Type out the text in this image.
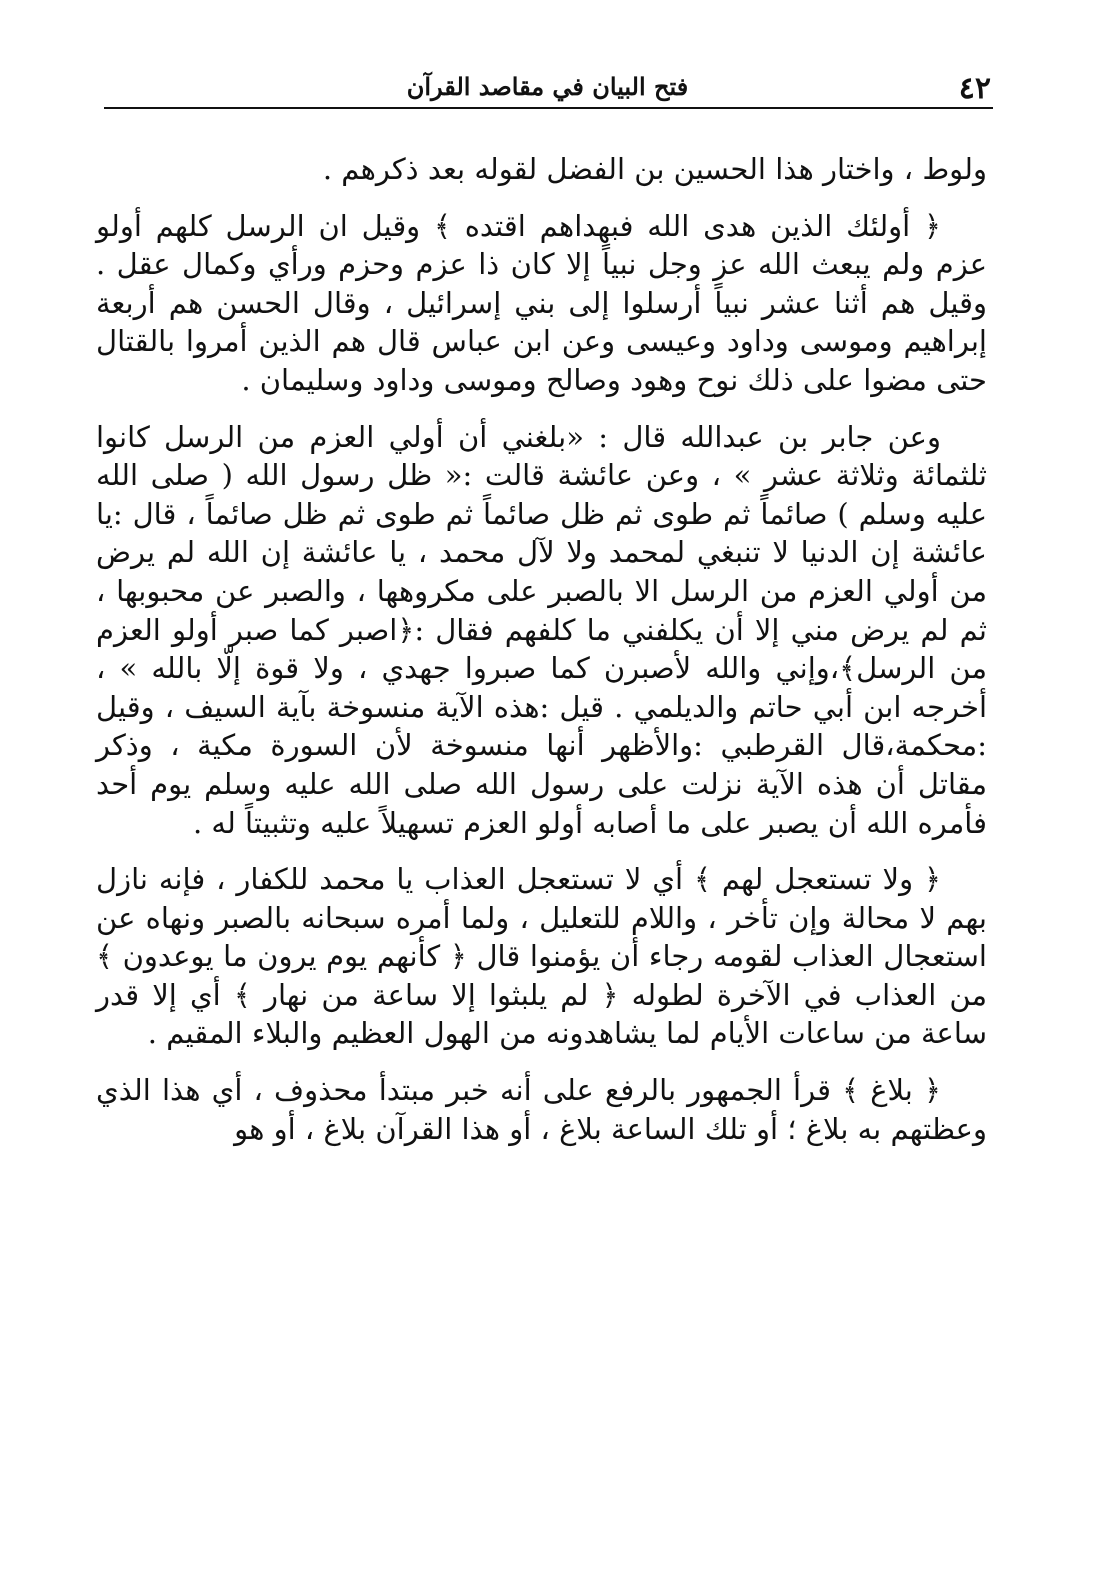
٤٢
فتح البيان في مقاصد القرآن

ولوط ، واختار هذا الحسين بن الفضل لقوله بعد ذكرهم .

﴿ أولئك الذين هدى الله فبهداهم اقتده ﴾ وقيل ان الرسل كلهم أولو عزم ولم يبعث الله عز وجل نبياً إلا كان ذا عزم وحزم ورأي وكمال عقل . وقيل هم أثنا عشر نبياً أرسلوا إلى بني إسرائيل ، وقال الحسن هم أربعة إبراهيم وموسى وداود وعيسى وعن ابن عباس قال هم الذين أمروا بالقتال حتى مضوا على ذلك نوح وهود وصالح وموسى وداود وسليمان .

وعن جابر بن عبدالله قال : «بلغني أن أولي العزم من الرسل كانوا ثلثمائة وثلاثة عشر » ، وعن عائشة قالت :« ظل رسول الله ( صلى الله عليه وسلم ) صائماً ثم طوى ثم ظل صائماً ثم طوى ثم ظل صائماً ، قال :يا عائشة إن الدنيا لا تنبغي لمحمد ولا لآل محمد ، يا عائشة إن الله لم يرض من أولي العزم من الرسل الا بالصبر على مكروهها ، والصبر عن محبوبها ، ثم لم يرض مني إلا أن يكلفني ما كلفهم فقال :﴿اصبر كما صبر أولو العزم من الرسل﴾،وإني والله لأصبرن كما صبروا جهدي ، ولا قوة إلّا بالله » ، أخرجه ابن أبي حاتم والديلمي . قيل :هذه الآية منسوخة بآية السيف ، وقيل :محكمة،قال القرطبي :والأظهر أنها منسوخة لأن السورة مكية ، وذكر مقاتل أن هذه الآية نزلت على رسول الله صلى الله عليه وسلم يوم أحد فأمره الله أن يصبر على ما أصابه أولو العزم تسهيلاً عليه وتثبيتاً له .

﴿ ولا تستعجل لهم ﴾ أي لا تستعجل العذاب يا محمد للكفار ، فإنه نازل بهم لا محالة وإن تأخر ، واللام للتعليل ، ولما أمره سبحانه بالصبر ونهاه عن استعجال العذاب لقومه رجاء أن يؤمنوا قال ﴿ كأنهم يوم يرون ما يوعدون ﴾ من العذاب في الآخرة لطوله ﴿ لم يلبثوا إلا ساعة من نهار ﴾ أي إلا قدر ساعة من ساعات الأيام لما يشاهدونه من الهول العظيم والبلاء المقيم .

﴿ بلاغ ﴾ قرأ الجمهور بالرفع على أنه خبر مبتدأ محذوف ، أي هذا الذي وعظتهم به بلاغ ؛ أو تلك الساعة بلاغ ، أو هذا القرآن بلاغ ، أو هو
